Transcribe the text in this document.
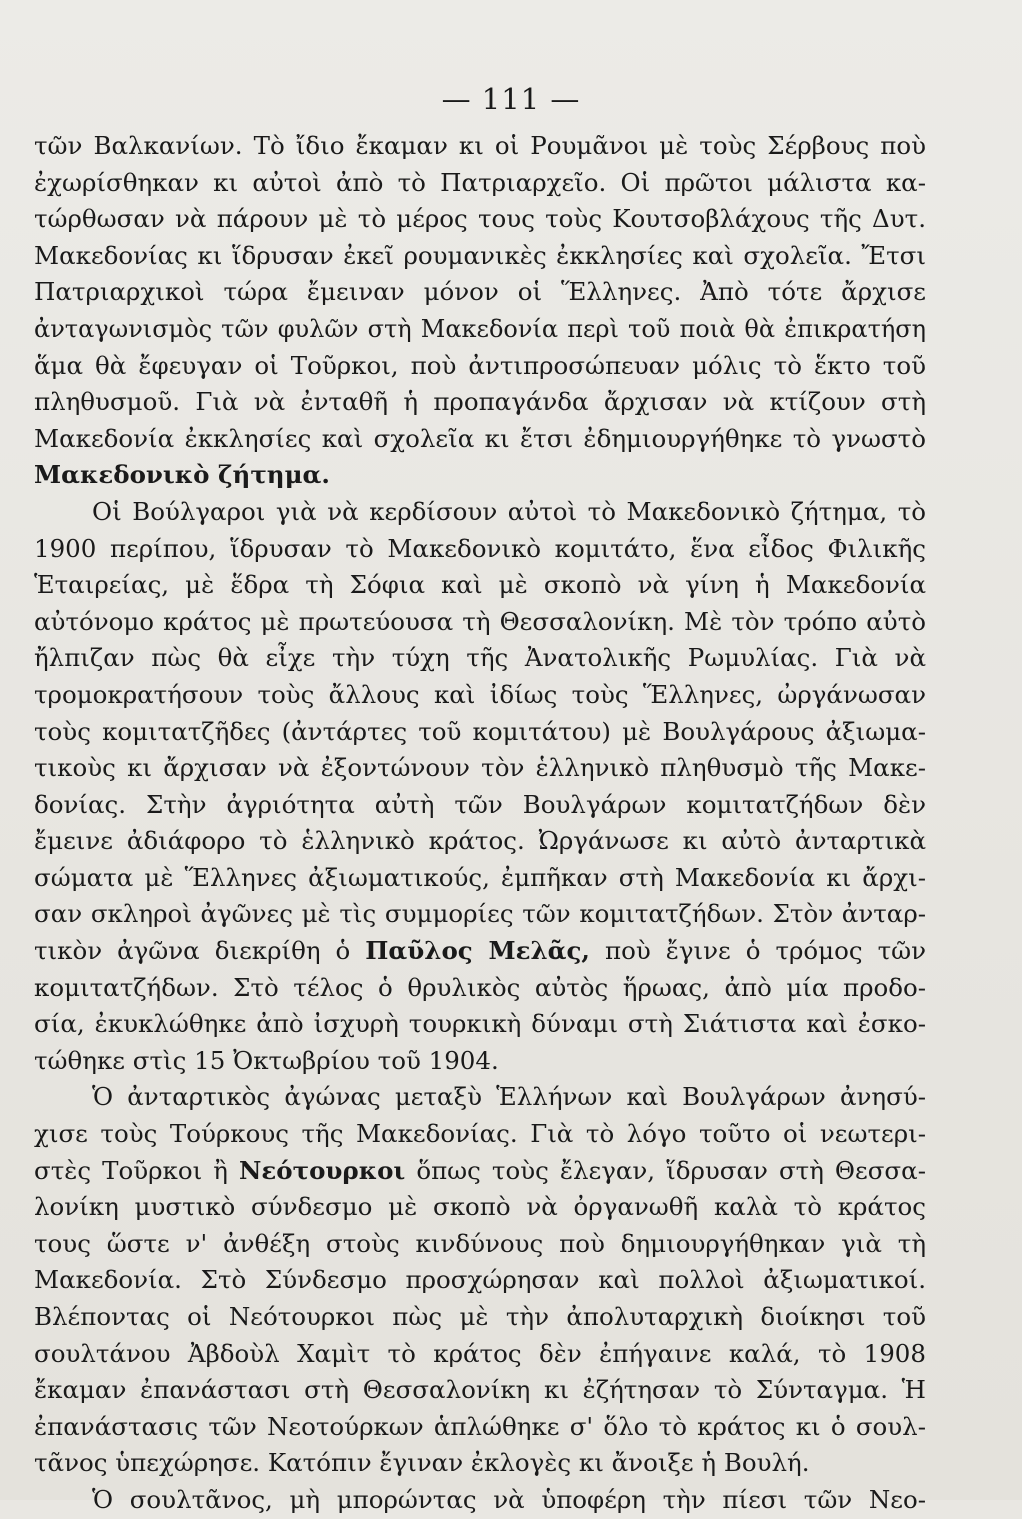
— 111 —
τῶν Βαλκανίων. Τὸ ἴδιο ἔκαμαν κι οἱ Ρουμᾶνοι μὲ τοὺς Σέρβους ποὺ
ἐχωρίσθηκαν κι αὐτοὶ ἀπὸ τὸ Πατριαρχεῖο. Οἱ πρῶτοι μάλιστα κα-
τώρθωσαν νὰ πάρουν μὲ τὸ μέρος τους τοὺς Κουτσοβλάχους τῆς Δυτ.
Μακεδονίας κι ἵδρυσαν ἐκεῖ ρουμανικὲς ἐκκλησίες καὶ σχολεῖα. Ἔτσι
Πατριαρχικοὶ τώρα ἔμειναν μόνον οἱ Ἕλληνες. Ἀπὸ τότε ἄρχισε
ἀνταγωνισμὸς τῶν φυλῶν στὴ Μακεδονία περὶ τοῦ ποιὰ θὰ ἐπικρατήση
ἅμα θὰ ἔφευγαν οἱ Τοῦρκοι, ποὺ ἀντιπροσώπευαν μόλις τὸ ἕκτο τοῦ
πληθυσμοῦ. Γιὰ νὰ ἐνταθῆ ἡ προπαγάνδα ἄρχισαν νὰ κτίζουν στὴ
Μακεδονία ἐκκλησίες καὶ σχολεῖα κι ἔτσι ἐδημιουργήθηκε τὸ γνωστὸ
Μακεδονικὸ ζήτημα.
Οἱ Βούλγαροι γιὰ νὰ κερδίσουν αὐτοὶ τὸ Μακεδονικὸ ζήτημα, τὸ
1900 περίπου, ἵδρυσαν τὸ Μακεδονικὸ κομιτάτο, ἕνα εἶδος Φιλικῆς
Ἑταιρείας, μὲ ἕδρα τὴ Σόφια καὶ μὲ σκοπὸ νὰ γίνη ἡ Μακεδονία
αὐτόνομο κράτος μὲ πρωτεύουσα τὴ Θεσσαλονίκη. Μὲ τὸν τρόπο αὐτὸ
ἤλπιζαν πὼς θὰ εἶχε τὴν τύχη τῆς Ἀνατολικῆς Ρωμυλίας. Γιὰ νὰ
τρομοκρατήσουν τοὺς ἄλλους καὶ ἰδίως τοὺς Ἕλληνες, ὠργάνωσαν
τοὺς κομιτατζῆδες (ἀντάρτες τοῦ κομιτάτου) μὲ Βουλγάρους ἀξιωμα-
τικοὺς κι ἄρχισαν νὰ ἐξοντώνουν τὸν ἑλληνικὸ πληθυσμὸ τῆς Μακε-
δονίας. Στὴν ἀγριότητα αὐτὴ τῶν Βουλγάρων κομιτατζήδων δὲν
ἔμεινε ἀδιάφορο τὸ ἑλληνικὸ κράτος. Ὠργάνωσε κι αὐτὸ ἀνταρτικὰ
σώματα μὲ Ἕλληνες ἀξιωματικούς, ἐμπῆκαν στὴ Μακεδονία κι ἄρχι-
σαν σκληροὶ ἀγῶνες μὲ τὶς συμμορίες τῶν κομιτατζήδων. Στὸν ἀνταρ-
τικὸν ἀγῶνα διεκρίθη ὁ Παῦλος Μελᾶς, ποὺ ἔγινε ὁ τρόμος τῶν
κομιτατζήδων. Στὸ τέλος ὁ θρυλικὸς αὐτὸς ἥρωας, ἀπὸ μία προδο-
σία, ἐκυκλώθηκε ἀπὸ ἰσχυρὴ τουρκικὴ δύναμι στὴ Σιάτιστα καὶ ἐσκο-
τώθηκε στὶς 15 Ὀκτωβρίου τοῦ 1904.
Ὁ ἀνταρτικὸς ἀγώνας μεταξὺ Ἑλλήνων καὶ Βουλγάρων ἀνησύ-
χισε τοὺς Τούρκους τῆς Μακεδονίας. Γιὰ τὸ λόγο τοῦτο οἱ νεωτερι-
στὲς Τοῦρκοι ἢ Νεότουρκοι ὅπως τοὺς ἔλεγαν, ἵδρυσαν στὴ Θεσσα-
λονίκη μυστικὸ σύνδεσμο μὲ σκοπὸ νὰ ὀργανωθῆ καλὰ τὸ κράτος
τους ὥστε ν' ἀνθέξη στοὺς κινδύνους ποὺ δημιουργήθηκαν γιὰ τὴ
Μακεδονία. Στὸ Σύνδεσμο προσχώρησαν καὶ πολλοὶ ἀξιωματικοί.
Βλέποντας οἱ Νεότουρκοι πὼς μὲ τὴν ἀπολυταρχικὴ διοίκησι τοῦ
σουλτάνου Ἀβδοὺλ Χαμὶτ τὸ κράτος δὲν ἐπήγαινε καλά, τὸ 1908
ἔκαμαν ἐπανάστασι στὴ Θεσσαλονίκη κι ἐζήτησαν τὸ Σύνταγμα. Ἡ
ἐπανάστασις τῶν Νεοτούρκων ἁπλώθηκε σ' ὅλο τὸ κράτος κι ὁ σουλ-
τᾶνος ὑπεχώρησε. Κατόπιν ἔγιναν ἐκλογὲς κι ἄνοιξε ἡ Βουλή.
Ὁ σουλτᾶνος, μὴ μπορώντας νὰ ὑποφέρη τὴν πίεσι τῶν Νεο-
